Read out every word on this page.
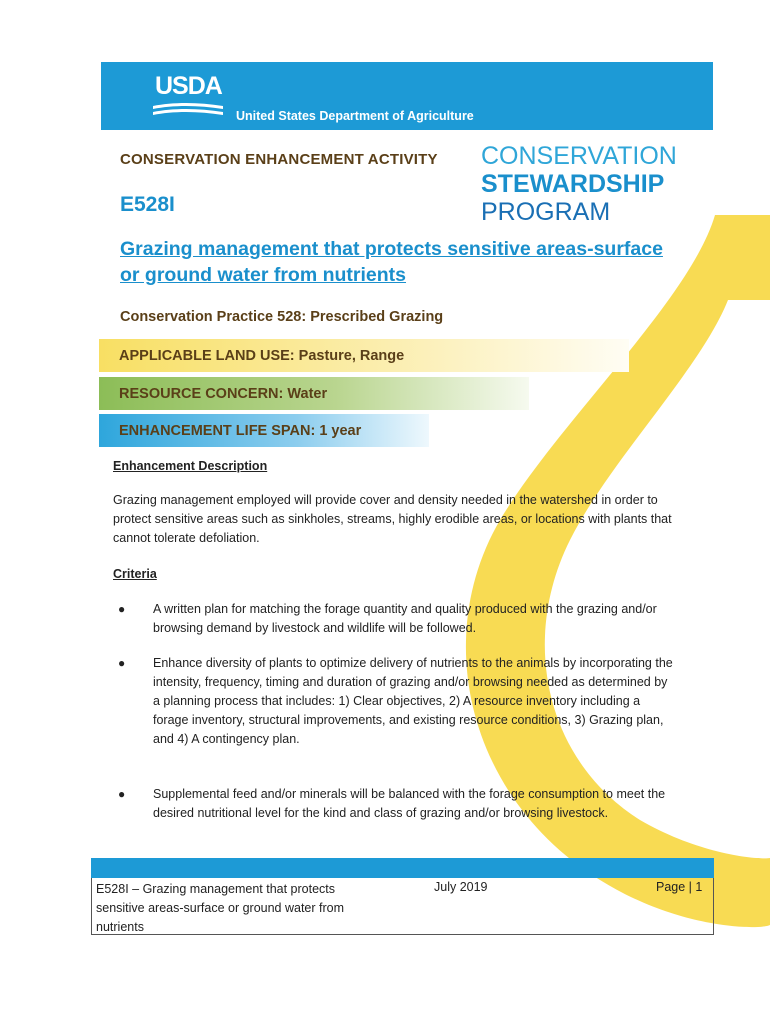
USDA
United States Department of Agriculture
CONSERVATION ENHANCEMENT ACTIVITY
E528I
CONSERVATION
STEWARDSHIP
PROGRAM
Grazing management that protects sensitive areas-surface or ground water from nutrients
Conservation Practice 528: Prescribed Grazing
APPLICABLE LAND USE: Pasture, Range
RESOURCE CONCERN: Water
ENHANCEMENT LIFE SPAN: 1 year
Enhancement Description
Grazing management employed will provide cover and density needed in the watershed in order to protect sensitive areas such as sinkholes, streams, highly erodible areas, or locations with plants that cannot tolerate defoliation.
Criteria
● A written plan for matching the forage quantity and quality produced with the grazing and/or browsing demand by livestock and wildlife will be followed.
● Enhance diversity of plants to optimize delivery of nutrients to the animals by incorporating the intensity, frequency, timing and duration of grazing and/or browsing needed as determined by a planning process that includes: 1) Clear objectives, 2) A resource inventory including a forage inventory, structural improvements, and existing resource conditions, 3) Grazing plan, and 4) A contingency plan.
● Supplemental feed and/or minerals will be balanced with the forage consumption to meet the desired nutritional level for the kind and class of grazing and/or browsing livestock.
E528I – Grazing management that protects sensitive areas-surface or ground water from nutrients
July 2019	Page | 1
